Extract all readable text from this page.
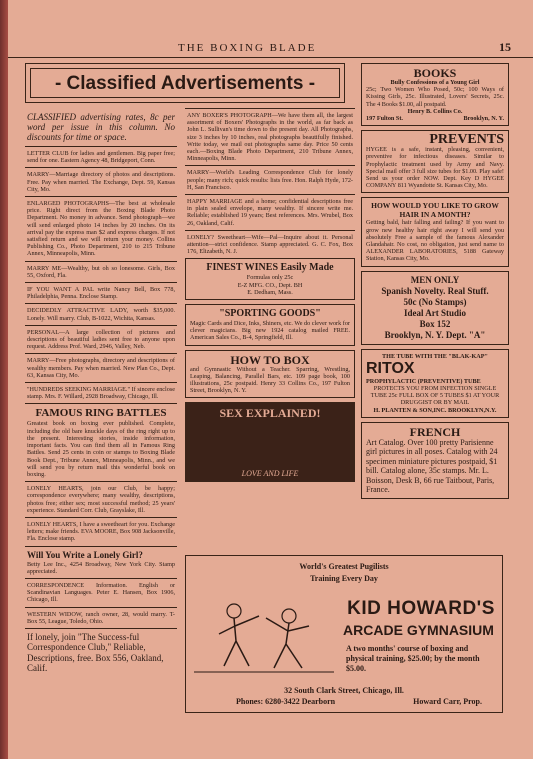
THE BOXING BLADE	15
- Classified Advertisements -
CLASSIFIED advertising rates, 8c per word per issue in this column. No discounts for time or space.
LETTER CLUB for ladies and gentlemen. Big paper free; send for one. Eastern Agency 48, Bridgeport, Conn.
MARRY—Marriage directory of photos and descriptions. Free. Pay when married. The Exchange, Dept. 59, Kansas City, Mo.
ENLARGED PHOTOGRAPHS—The best at wholesale price. Right direct from the Boxing Blade Photo Department. No money in advance. Send photograph—we will send enlarged photo 14 inches by 20 inches. On its arrival pay the express man $2 and express charges. If not satisfied return and we will return your money. Collins Publishing Co., Photo Department, 210 to 215 Tribune Annex, Minneapolis, Minn.
MARRY ME—Wealthy, but oh so lonesome. Girls, Box 55, Oxford, Fla.
IF YOU WANT A PAL write Nancy Bell, Box 778, Philadelphia, Penna. Enclose Stamp.
DECIDEDLY ATTRACTIVE LADY, worth $35,000. Lonely. Will marry. Club, B-1022, Wichita, Kansas.
PERSONAL—A large collection of pictures and descriptions of beautiful ladies sent free to anyone upon request. Address Prof. Ward, 2946, Valley, Neb.
MARRY—Free photographs, directory and descriptions of wealthy members. Pay when married. New Plan Co., Dept. 63, Kansas City, Mo.
"HUNDREDS SEEKING MARRIAGE." If sincere enclose stamp. Mrs. F. Willard, 2928 Broadway, Chicago, Ill.
FAMOUS RING BATTLES
Greatest book on boxing ever published. Complete, including the old bare knuckle days of the ring right up to the present. Interesting stories, inside information, important facts. You can find them all in Famous Ring Battles. Send 25 cents in coin or stamps to Boxing Blade Book Dept., Tribune Annex, Minneapolis, Minn., and we will send you by return mail this wonderful book on boxing.
LONELY HEARTS, join our Club, be happy; correspondence everywhere; many wealthy, descriptions, photos free; either sex; most successful method; 25 years' experience. Standard Corr. Club, Grayslake, Ill.
LONELY HEARTS, I have a sweetheart for you. Exchange letters; make friends. EVA MOORE, Box 908 Jacksonville, Fla. Enclose stamp.
Will You Write a Lonely Girl?
Betty Lee Inc., 4254 Broadway, New York City. Stamp appreciated.
CORRESPONDENCE Information. English or Scandinavian Languages. Peter E. Hansen, Box 1906, Chicago, Ill.
WESTERN WIDOW, ranch owner, 28, would marry. T-Box 55, League, Toledo, Ohio.
If lonely, join "The Success-ful Correspondence Club," Reliable, Descriptions, free. Box 556, Oakland, Calif.
ANY BOXER'S PHOTOGRAPH—We have them all, the largest assortment of Boxers' Photographs in the world, as far back as John L. Sullivan's time down to the present day. All Photographs, size 3 inches by 10 inches, real photographs beautifully finished. Write today, we mail out photographs same day. Price 50 cents each.—Boxing Blade Photo Department, 210 Tribune Annex, Minneapolis, Minn.
MARRY—World's Leading Correspondence Club for lonely people; many rich; quick results: lists free. Hon. Ralph Hyde, 172-H, San Francisco.
HAPPY MARRIAGE and a home; confidential descriptions free in plain sealed envelope, many wealthy. If sincere write me. Reliable; established 19 years; Best references. Mrs. Wrubel, Box 26, Oakland, Calif.
LONELY? Sweetheart—Wife—Pal—Inquire about it. Personal attention—strict confidence. Stamp appreciated. G. C. Fox, Box 176, Elizabeth, N. J.
FINEST WINES Easily Made
Formulas only 25c
E-Z MFG. CO., Dept. BH
E. Dedham, Mass.
"SPORTING GOODS"
Magic Cards and Dice, Inks, Shiners, etc. We do clever work for clever magicians. Big new 1924 catalog mailed FREE. American Sales Co., B-4, Springfield, Ill.
HOW TO BOX
and Gymnastic Without a Teacher. Sparring, Wrestling, Leaping, Balancing, Parallel Bars, etc. 109 page book, 100 illustrations, 25c postpaid. Henry 33 Collins Co., 197 Fulton Street, Brooklyn, N. Y.
SEX EXPLAINED!
LOVE AND LIFE
BOOKS
Bully Confessions of a Young Girl
25c; Two Women Who Posed, 50c; 100 Ways of Kissing Girls, 25c. Illustrated, Lovers' Secrets, 25c. The 4 Books $1.00, all postpaid.
Henry B. Collins Co.
197 Fulton St.	Brooklyn, N. Y.
PREVENTS
HYGEE is a safe, instant, pleasing, convenient, preventive for infectious diseases. Similar to Prophylactic treatment used by Army and Navy. Special mail offer 3 full size tubes for $1.00. Play safe! Send us your order NOW. Dept. Key D HYGEE COMPANY 811 Wyandotte St. Kansas City, Mo.
HOW WOULD YOU LIKE TO GROW HAIR IN A MONTH?
Getting bald, hair falling and failing? If you want to grow new healthy hair right away I will send you absolutely Free a sample of the famous Alexander Glandahair. No cost, no obligation, just send name to ALEXANDER LABORATORIES, 5188 Gateway Station, Kansas City, Mo.
MEN ONLY
Spanish Novelty. Real Stuff.
50c (No Stamps)
Ideal Art Studio
Box 152
Brooklyn, N. Y. Dept. "A"
THE TUBE WITH THE "BLAK-KAP"
RITOX
PROPHYLACTIC (PREVENTIVE) TUBE
PROTECTS YOU FROM INFECTION SINGLE TUBE 25c FULL BOX OF 5 TUBES $1 AT YOUR DRUGGIST OR BY MAIL
H. PLANTEN & SON,INC. BROOKLYN,N.Y.
FRENCH
Art Catalog. Over 100 pretty Parisienne girl pictures in all poses. Catalog with 24 specimen miniature pictures postpaid, $1 bill. Catalog alone, 35c stamps. Mr. L. Boisson, Desk B, 66 rue Taitbout, Paris, France.
World's Greatest Pugilists
Training Every Day
KID HOWARD'S
ARCADE GYMNASIUM
A two months' course of boxing and physical training, $25.00; by the month $5.00.
32 South Clark Street, Chicago, Ill.
Phones: 6280-3422 Dearborn	Howard Carr, Prop.
